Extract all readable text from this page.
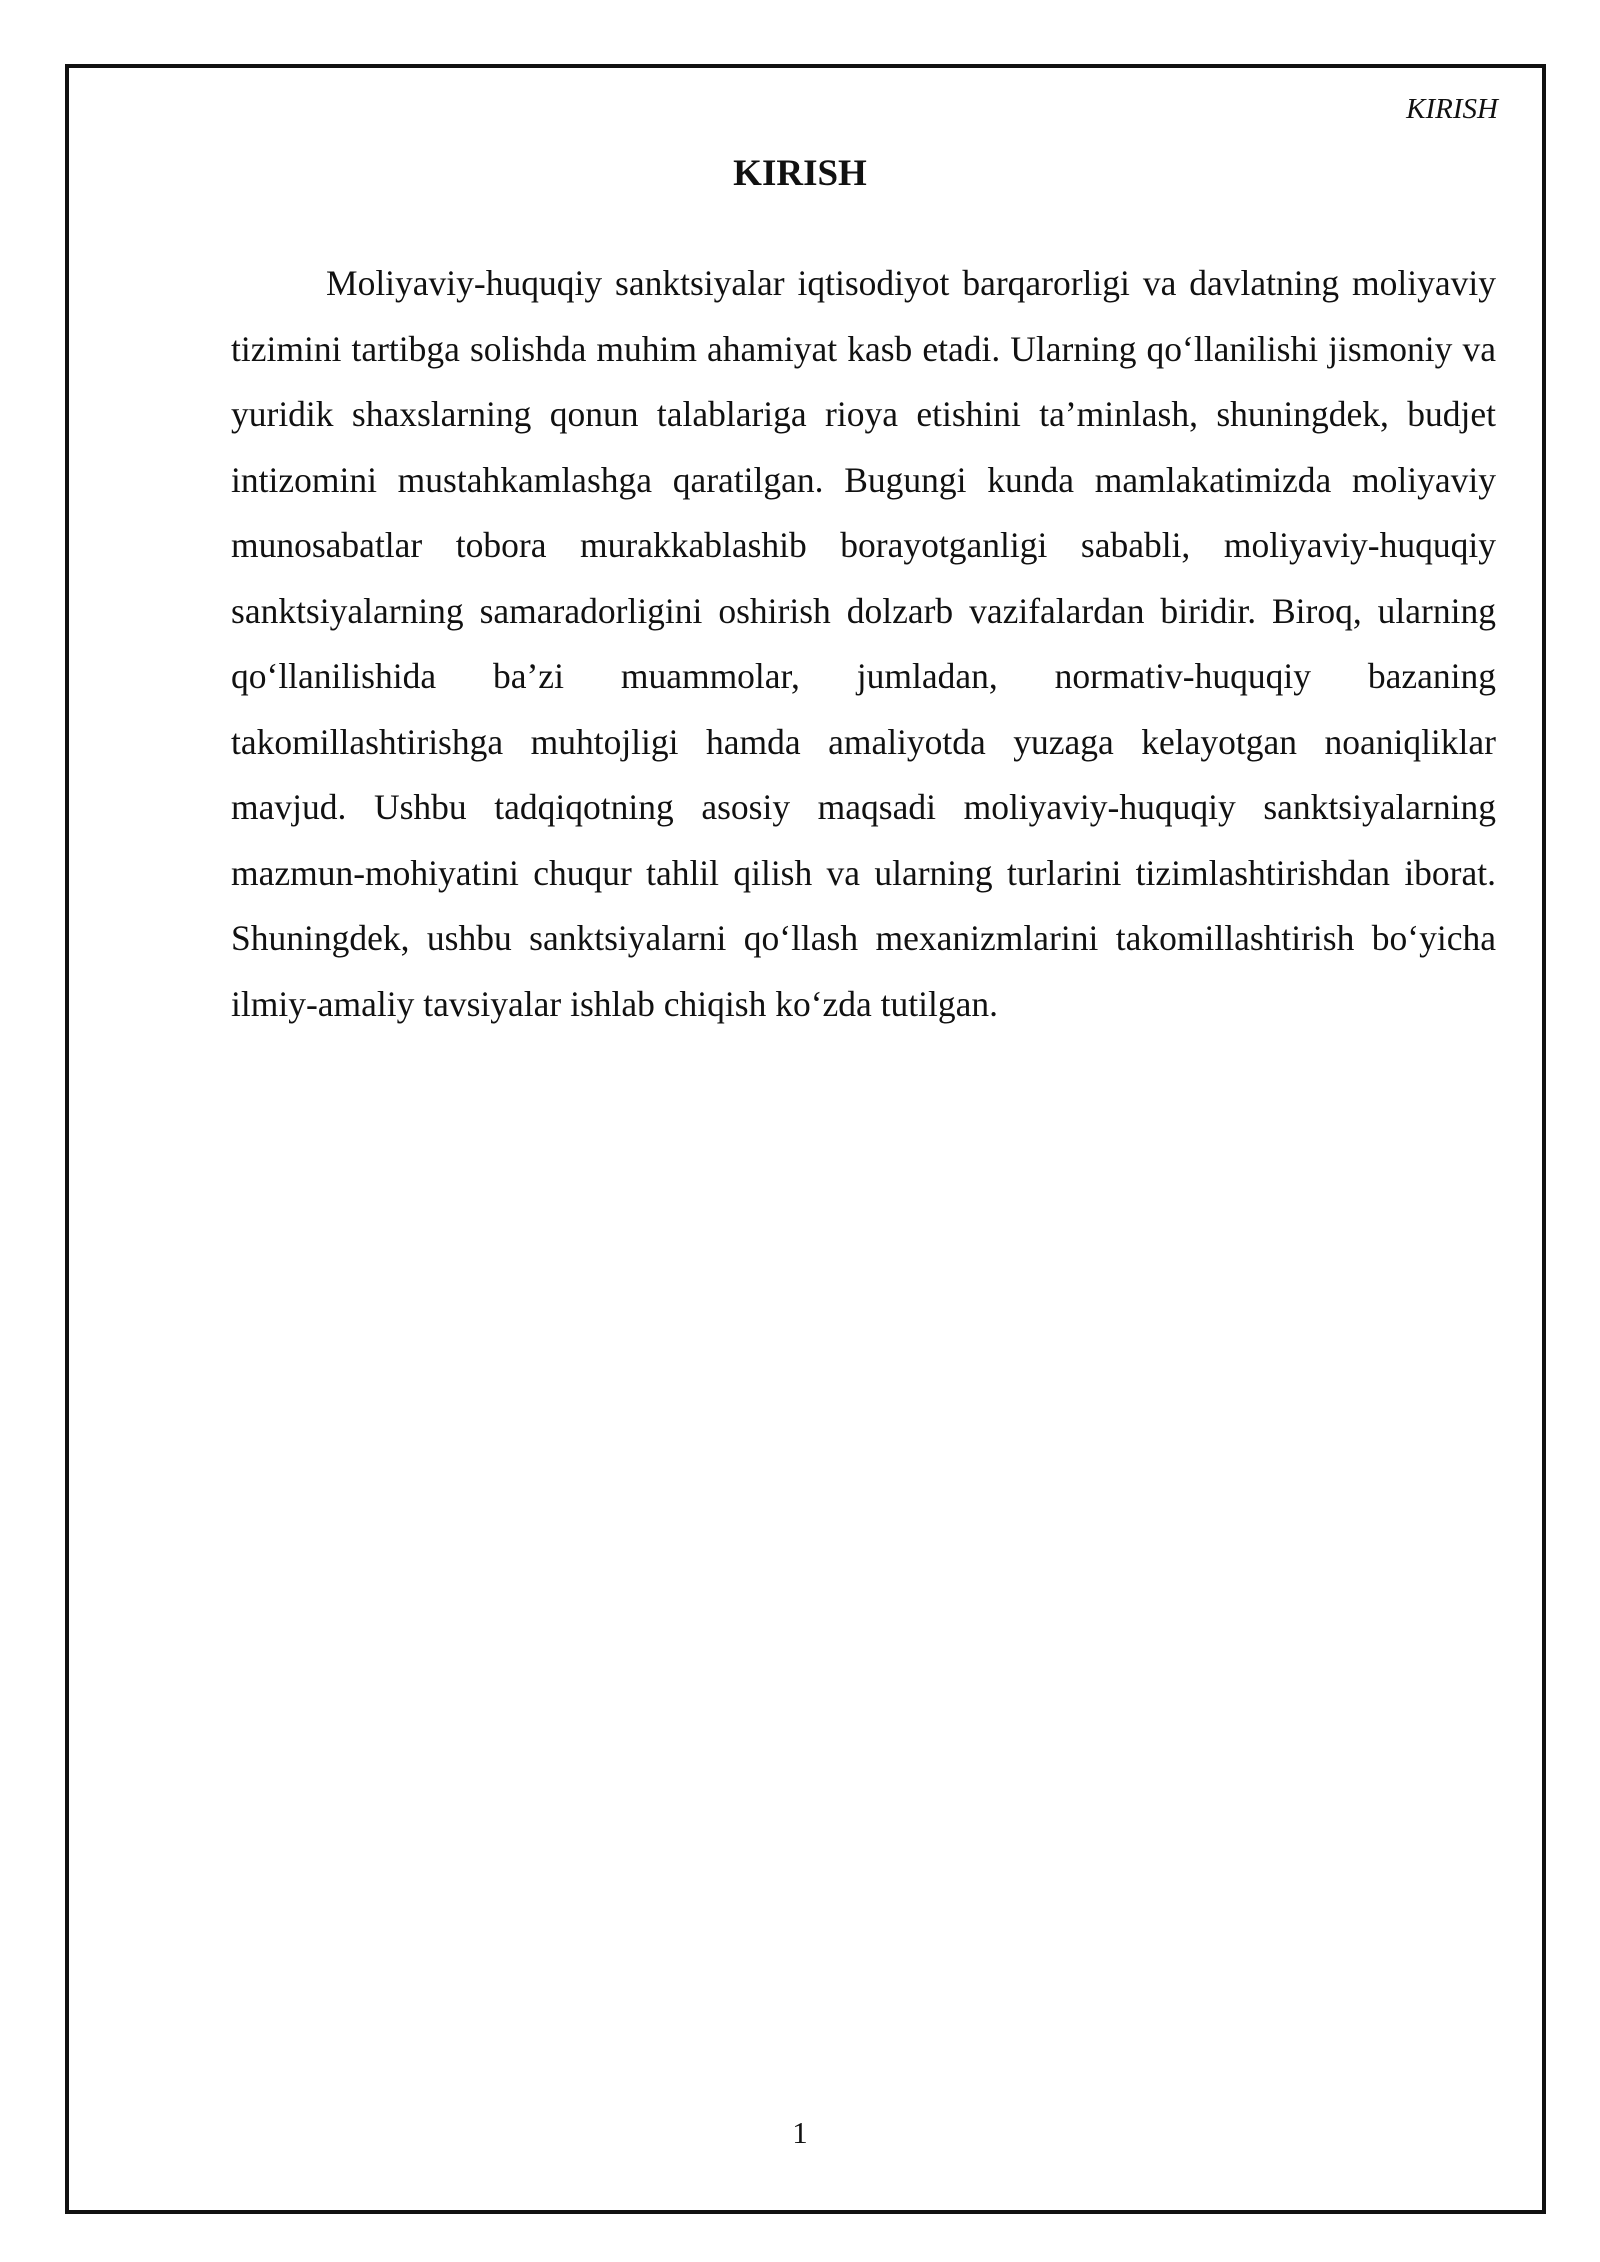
KIRISH
KIRISH

Moliyaviy-huquqiy sanktsiyalar iqtisodiyot barqarorligi va davlatning moliyaviy tizimini tartibga solishda muhim ahamiyat kasb etadi. Ularning qo‘llanilishi jismoniy va yuridik shaxslarning qonun talablariga rioya etishini ta’minlash, shuningdek, budjet intizomini mustahkamlashga qaratilgan. Bugungi kunda mamlakatimizda moliyaviy munosabatlar tobora murakkablashib borayotganligi sababli, moliyaviy-huquqiy sanktsiyalarning samaradorligini oshirish dolzarb vazifalardan biridir. Biroq, ularning qo‘llanilishida ba’zi muammolar, jumladan, normativ-huquqiy bazaning takomillashtirishga muhtojligi hamda amaliyotda yuzaga kelayotgan noaniqliklar mavjud. Ushbu tadqiqotning asosiy maqsadi moliyaviy-huquqiy sanktsiyalarning mazmun-mohiyatini chuqur tahlil qilish va ularning turlarini tizimlashtirishdan iborat. Shuningdek, ushbu sanktsiyalarni qo‘llash mexanizmlarini takomillashtirish bo‘yicha ilmiy-amaliy tavsiyalar ishlab chiqish ko‘zda tutilgan.

1
